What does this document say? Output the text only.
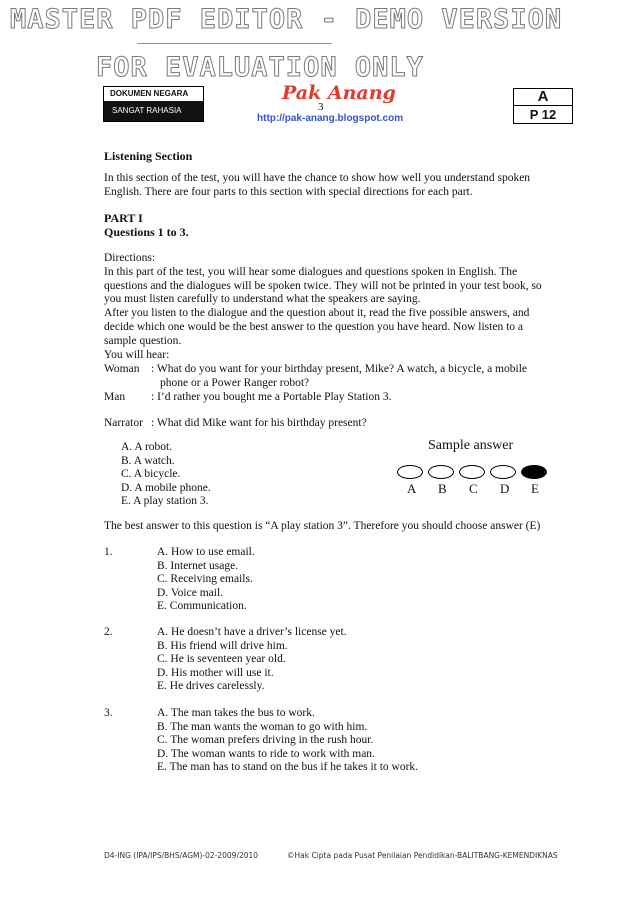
MASTER PDF EDITOR - DEMO VERSION
FOR EVALUATION ONLY
DOKUMEN NEGARA
SANGAT RAHASIA
Pak Anang
3
http://pak-anang.blogspot.com
A
P 12
Listening Section
In this section of the test, you will have the chance to show how well you understand spoken
English. There are four parts to this section with special directions for each part.
PART I
Questions 1 to 3.
Directions:
In this part of the test, you will hear some dialogues and questions spoken in English. The
questions and the dialogues will be spoken twice. They will not be printed in your test book, so
you must listen carefully to understand what the speakers are saying.
After you listen to the dialogue and the question about it, read the five possible answers, and
decide which one would be the best answer to the question you have heard. Now listen to a
sample question.
You will hear:
Woman : What do you want for your birthday present, Mike? A watch, a bicycle, a mobile
phone or a Power Ranger robot?
Man : I’d rather you bought me a Portable Play Station 3.
Narrator : What did Mike want for his birthday present?
A. A robot.
B. A watch.
C. A bicycle.
D. A mobile phone.
E. A play station 3.
Sample answer
A B C D E
The best answer to this question is “A play station 3”. Therefore you should choose answer (E)
1.	A. How to use email.
B. Internet usage.
C. Receiving emails.
D. Voice mail.
E. Communication.
2.	A. He doesn’t have a driver’s license yet.
B. His friend will drive him.
C. He is seventeen year old.
D. His mother will use it.
E. He drives carelessly.
3.	A. The man takes the bus to work.
B. The man wants the woman to go with him.
C. The woman prefers driving in the rush hour.
D. The woman wants to ride to work with man.
E. The man has to stand on the bus if he takes it to work.
D4-ING (IPA/IPS/BHS/AGM)-02-2009/2010	©Hak Cipta pada Pusat Penilaian Pendidikan-BALITBANG-KEMENDIKNAS
